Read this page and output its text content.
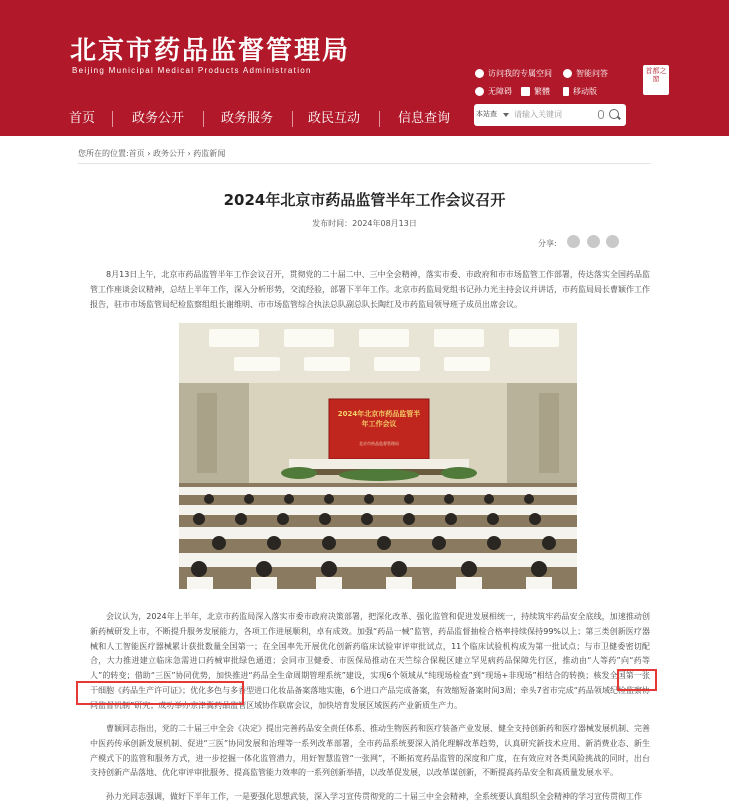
北京市药品监督管理局
Beijing Municipal Medical Products Administration	访问我的专属空间	智能问答
无障碍	繁體	移动版
首都之窗
首页	政务公开	政务服务	政民互动	信息查询	本站查 请输入关键词
您所在的位置:首页 › 政务公开 › 药监新闻
2024年北京市药品监管半年工作会议召开
发布时间：2024年08月13日
分享:
8月13日上午，北京市药品监管半年工作会议召开，贯彻党的二十届二中、三中全会精神，落实市委、市政府和市市场监管工作部署，传达落实全国药品监管工作座谈会议精神，总结上半年工作，深入分析形势，交流经验，部署下半年工作。北京市药监局党组书记孙力光主持会议并讲话，市药监局局长曹颖作工作报告，驻市市场监管局纪检监察组组长谢维明、市市场监管综合执法总队副总队长陶红及市药监局领导班子成员出席会议。
2024年北京市药品监管半年工作会议
北京市药品监督管理局
会议认为，2024年上半年，北京市药监局深入落实市委市政府决策部署，把深化改革、强化监管和促进发展相统一，持续筑牢药品安全底线，加速推动创新药械研发上市，不断提升服务发展能力，各项工作进展顺利，卓有成效。加强“药品一械”监管，药品监督抽检合格率持续保持99%以上；第三类创新医疗器械和人工智能医疗器械累计获批数量全国第一；在全国率先开展优化创新药临床试验审评审批试点，11个临床试验机构成为第一批试点；与市卫健委密切配合，大力推进建立临床急需进口药械审批绿色通道；会同市卫健委、市医保局推动在天竺综合保税区建立罕见病药品保障先行区，推动由“人等药”向“药等人”的转变；借助“三医”协同优势，加快推进“药品全生命周期管理系统”建设，实现6个领域从“纯现场检查”到“现场+非现场”相结合的转换；核发全国第一张干细胞《药品生产许可证》；优化多色与多香型进口化妆品备案落地实施，6个进口产品完成备案，有效缩短备案时间3周；牵头7省市完成“药品领域纪检监察协同监督机制”研究；成功举办京津冀药品监管区域协作联席会议，加快培育发展区域医药产业新质生产力。
曹颖同志指出，党的二十届三中全会《决定》提出完善药品安全责任体系、推动生物医药和医疗装备产业发展、健全支持创新药和医疗器械发展机制、完善中医药传承创新发展机制、促进“三医”协同发展和治理等一系列改革部署，全市药品系统要深入消化理解改革趋势，认真研究新技术应用、新消费业态、新生产模式下的监管和服务方式，进一步挖掘一体化监管潜力，用好智慧监管“一张网”，不断拓宽药品监管的深度和广度，在有效应对各类风险挑战的同时，出台支持创新产品落地、优化审评审批服务、提高监管能力效率的一系列创新举措，以改革促发展，以改革谋创新，不断提高药品安全和高质量发展水平。
孙力光同志强调，做好下半年工作，一是要强化思想武装，深入学习宣传贯彻党的二十届三中全会精神，全系统要认真组织全会精神的学习宣传贯彻工作
